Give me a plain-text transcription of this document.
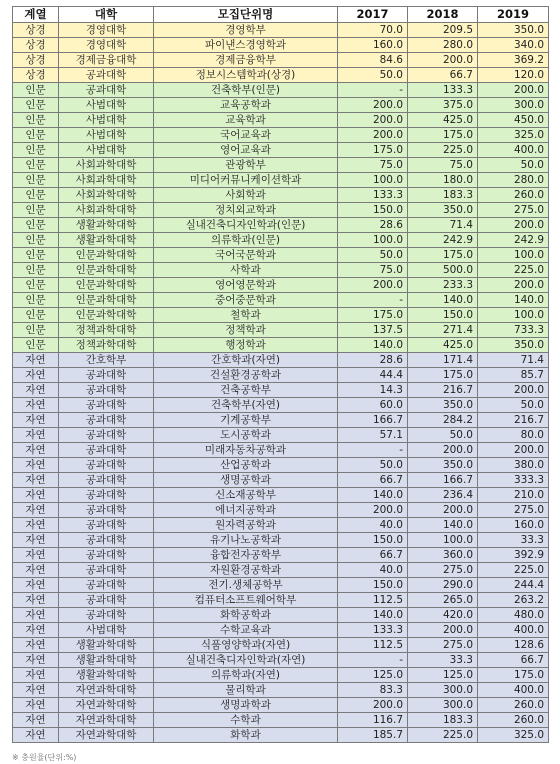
계열	대학	모집단위명	2017	2018	2019
상경	경영대학	경영학부	70.0	209.5	350.0
상경	경영대학	파이낸스경영학과	160.0	280.0	340.0
상경	경제금융대학	경제금융학부	84.6	200.0	369.2
상경	공과대학	정보시스템학과(상경)	50.0	66.7	120.0
인문	공과대학	건축학부(인문)	-	133.3	200.0
인문	사범대학	교육공학과	200.0	375.0	300.0
인문	사범대학	교육학과	200.0	425.0	450.0
인문	사범대학	국어교육과	200.0	175.0	325.0
인문	사범대학	영어교육과	175.0	225.0	400.0
인문	사회과학대학	관광학부	75.0	75.0	50.0
인문	사회과학대학	미디어커뮤니케이션학과	100.0	180.0	280.0
인문	사회과학대학	사회학과	133.3	183.3	260.0
인문	사회과학대학	정치외교학과	150.0	350.0	275.0
인문	생활과학대학	실내건축디자인학과(인문)	28.6	71.4	200.0
인문	생활과학대학	의류학과(인문)	100.0	242.9	242.9
인문	인문과학대학	국어국문학과	50.0	175.0	100.0
인문	인문과학대학	사학과	75.0	500.0	225.0
인문	인문과학대학	영어영문학과	200.0	233.3	200.0
인문	인문과학대학	중어중문학과	-	140.0	140.0
인문	인문과학대학	철학과	175.0	150.0	100.0
인문	정책과학대학	정책학과	137.5	271.4	733.3
인문	정책과학대학	행정학과	140.0	425.0	350.0
자연	간호학부	간호학과(자연)	28.6	171.4	71.4
자연	공과대학	건설환경공학과	44.4	175.0	85.7
자연	공과대학	건축공학부	14.3	216.7	200.0
자연	공과대학	건축학부(자연)	60.0	350.0	50.0
자연	공과대학	기계공학부	166.7	284.2	216.7
자연	공과대학	도시공학과	57.1	50.0	80.0
자연	공과대학	미래자동차공학과	-	200.0	200.0
자연	공과대학	산업공학과	50.0	350.0	380.0
자연	공과대학	생명공학과	66.7	166.7	333.3
자연	공과대학	신소재공학부	140.0	236.4	210.0
자연	공과대학	에너지공학과	200.0	200.0	275.0
자연	공과대학	원자력공학과	40.0	140.0	160.0
자연	공과대학	유기나노공학과	150.0	100.0	33.3
자연	공과대학	융합전자공학부	66.7	360.0	392.9
자연	공과대학	자원환경공학과	40.0	275.0	225.0
자연	공과대학	전기.생체공학부	150.0	290.0	244.4
자연	공과대학	컴퓨터소프트웨어학부	112.5	265.0	263.2
자연	공과대학	화학공학과	140.0	420.0	480.0
자연	사범대학	수학교육과	133.3	200.0	400.0
자연	생활과학대학	식품영양학과(자연)	112.5	275.0	128.6
자연	생활과학대학	실내건축디자인학과(자연)	-	33.3	66.7
자연	생활과학대학	의류학과(자연)	125.0	125.0	175.0
자연	자연과학대학	물리학과	83.3	300.0	400.0
자연	자연과학대학	생명과학과	200.0	300.0	260.0
자연	자연과학대학	수학과	116.7	183.3	260.0
자연	자연과학대학	화학과	185.7	225.0	325.0
※ 충원율(단위:%)
